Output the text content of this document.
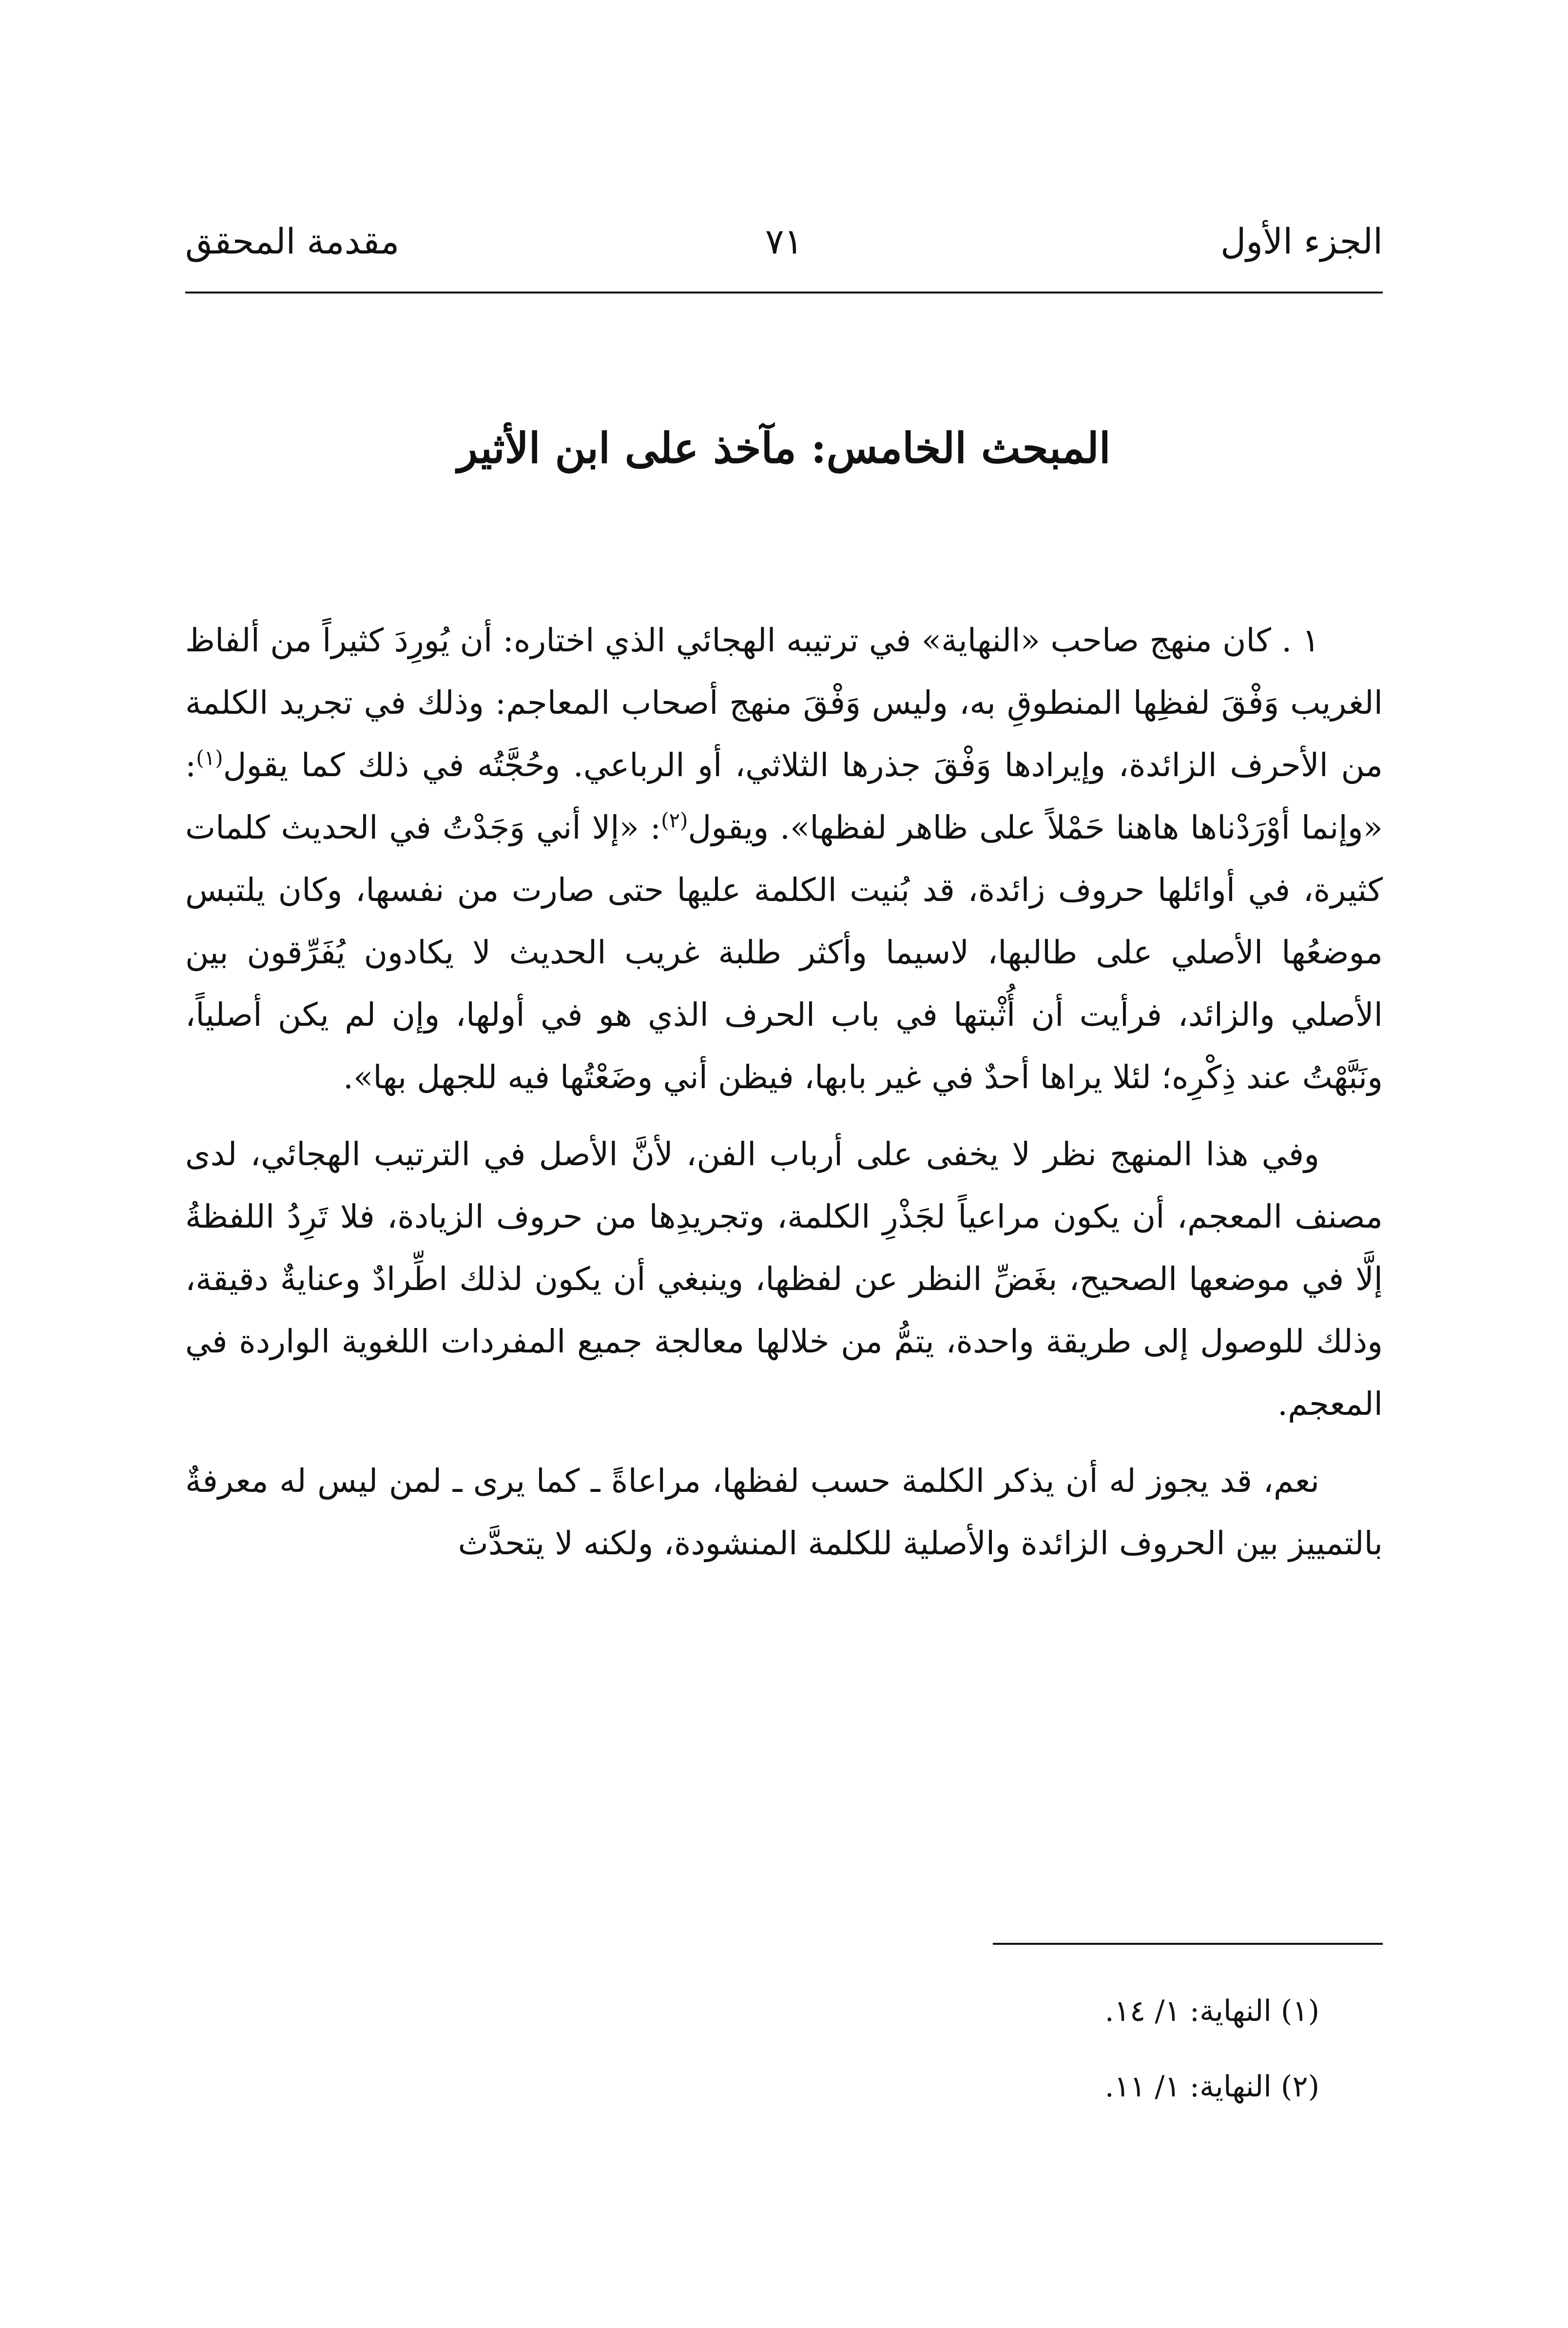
الجزء الأول
٧١
مقدمة المحقق
المبحث الخامس: مآخذ على ابن الأثير

١ . كان منهج صاحب «النهاية» في ترتيبه الهجائي الذي اختاره: أن يُورِدَ كثيراً من ألفاظ الغريب وَفْقَ لفظِها المنطوقِ به، وليس وَفْقَ منهج أصحاب المعاجم: وذلك في تجريد الكلمة من الأحرف الزائدة، وإيرادها وَفْقَ جذرها الثلاثي، أو الرباعي. وحُجَّتُه في ذلك كما يقول$^{(١)}$: «وإنما أوْرَدْناها هاهنا حَمْلاً على ظاهر لفظها». ويقول$^{(٢)}$: «إلا أني وَجَدْتُ في الحديث كلمات كثيرة، في أوائلها حروف زائدة، قد بُنيت الكلمة عليها حتى صارت من نفسها، وكان يلتبس موضعُها الأصلي على طالبها، لاسيما وأكثر طلبة غريب الحديث لا يكادون يُفَرِّقون بين الأصلي والزائد، فرأيت أن أُثْبتها في باب الحرف الذي هو في أولها، وإن لم يكن أصلياً، ونَبَّهْتُ عند ذِكْرِه؛ لئلا يراها أحدٌ في غير بابها، فيظن أني وضَعْتُها فيه للجهل بها».

وفي هذا المنهج نظر لا يخفى على أرباب الفن، لأنَّ الأصل في الترتيب الهجائي، لدى مصنف المعجم، أن يكون مراعياً لجَذْرِ الكلمة، وتجريدِها من حروف الزيادة، فلا تَرِدُ اللفظةُ إلَّا في موضعها الصحيح، بغَضِّ النظر عن لفظها، وينبغي أن يكون لذلك اطِّرادٌ وعنايةٌ دقيقة، وذلك للوصول إلى طريقة واحدة، يتمُّ من خلالها معالجة جميع المفردات اللغوية الواردة في المعجم.

نعم، قد يجوز له أن يذكر الكلمة حسب لفظها، مراعاةً ـ كما يرى ـ لمن ليس له معرفةٌ بالتمييز بين الحروف الزائدة والأصلية للكلمة المنشودة، ولكنه لا يتحدَّث

(١) النهاية: ١/ ١٤.

(٢) النهاية: ١/ ١١.
